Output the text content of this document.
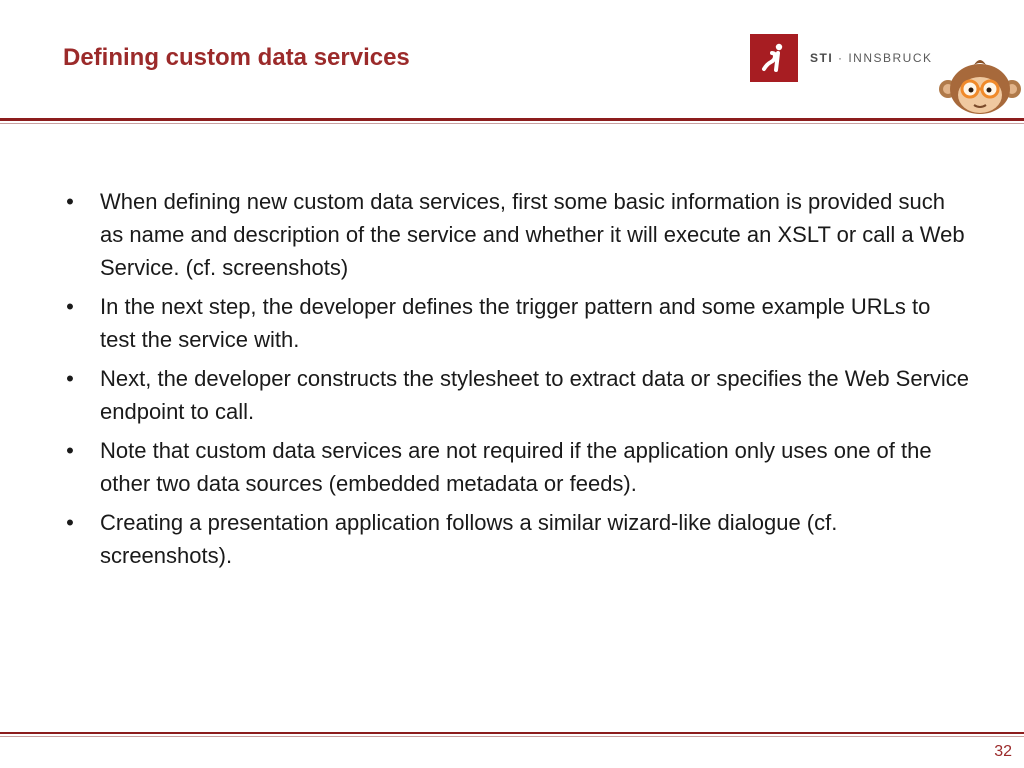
Defining custom data services	STI · INNSBRUCK
• When defining new custom data services, first some basic information is provided such as name and description of the service and whether it will execute an XSLT or call a Web Service. (cf. screenshots)
• In the next step, the developer defines the trigger pattern and some example URLs to test the service with.
• Next, the developer constructs the stylesheet to extract data or specifies the Web Service endpoint to call.
• Note that custom data services are not required if the application only uses one of the other two data sources (embedded metadata or feeds).
• Creating a presentation application follows a similar wizard-like dialogue (cf. screenshots).
32
